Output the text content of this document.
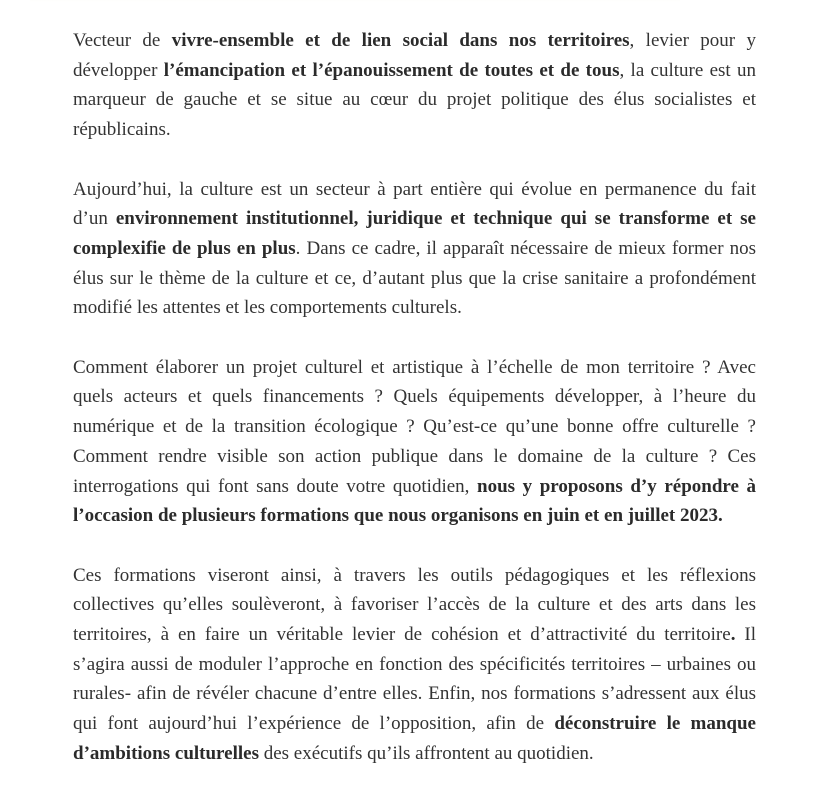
Vecteur de vivre-ensemble et de lien social dans nos territoires, levier pour y développer l’émancipation et l’épanouissement de toutes et de tous, la culture est un marqueur de gauche et se situe au cœur du projet politique des élus socialistes et républicains.

Aujourd’hui, la culture est un secteur à part entière qui évolue en permanence du fait d’un environnement institutionnel, juridique et technique qui se transforme et se complexifie de plus en plus. Dans ce cadre, il apparaît nécessaire de mieux former nos élus sur le thème de la culture et ce, d’autant plus que la crise sanitaire a profondément modifié les attentes et les comportements culturels.

Comment élaborer un projet culturel et artistique à l’échelle de mon territoire ? Avec quels acteurs et quels financements ? Quels équipements développer, à l’heure du numérique et de la transition écologique ? Qu’est-ce qu’une bonne offre culturelle ? Comment rendre visible son action publique dans le domaine de la culture ? Ces interrogations qui font sans doute votre quotidien, nous y proposons d’y répondre à l’occasion de plusieurs formations que nous organisons en juin et en juillet 2023.

Ces formations viseront ainsi, à travers les outils pédagogiques et les réflexions collectives qu’elles soulèveront, à favoriser l’accès de la culture et des arts dans les territoires, à en faire un véritable levier de cohésion et d’attractivité du territoire. Il s’agira aussi de moduler l’approche en fonction des spécificités territoires – urbaines ou rurales- afin de révéler chacune d’entre elles. Enfin, nos formations s’adressent aux élus qui font aujourd’hui l’expérience de l’opposition, afin de déconstruire le manque d’ambitions culturelles des exécutifs qu’ils affrontent au quotidien.
